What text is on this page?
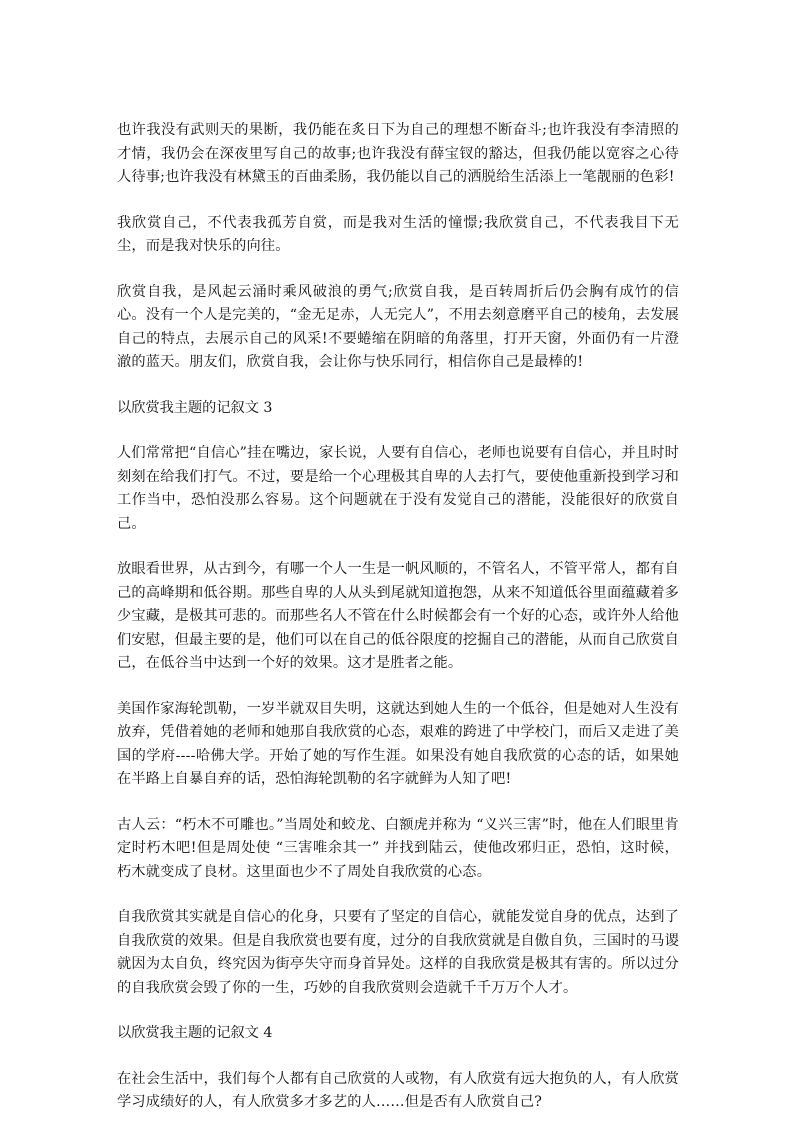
也许我没有武则天的果断，我仍能在炙日下为自己的理想不断奋斗;也许我没有李清照的才情，我仍会在深夜里写自己的故事;也许我没有薛宝钗的豁达，但我仍能以宽容之心待人待事;也许我没有林黛玉的百曲柔肠，我仍能以自己的洒脱给生活添上一笔靓丽的色彩!

我欣赏自己，不代表我孤芳自赏，而是我对生活的憧憬;我欣赏自己，不代表我目下无尘，而是我对快乐的向往。

欣赏自我，是风起云涌时乘风破浪的勇气;欣赏自我，是百转周折后仍会胸有成竹的信心。没有一个人是完美的，“金无足赤，人无完人”，不用去刻意磨平自己的棱角，去发展自己的特点，去展示自己的风采!不要蜷缩在阴暗的角落里，打开天窗，外面仍有一片澄澈的蓝天。朋友们，欣赏自我，会让你与快乐同行，相信你自己是最棒的!

以欣赏我主题的记叙文 3

人们常常把“自信心”挂在嘴边，家长说，人要有自信心，老师也说要有自信心，并且时时刻刻在给我们打气。不过，要是给一个心理极其自卑的人去打气，要使他重新投到学习和工作当中，恐怕没那么容易。这个问题就在于没有发觉自己的潜能，没能很好的欣赏自己。

放眼看世界，从古到今，有哪一个人一生是一帆风顺的，不管名人，不管平常人，都有自己的高峰期和低谷期。那些自卑的人从头到尾就知道抱怨，从来不知道低谷里面蕴藏着多少宝藏，是极其可悲的。而那些名人不管在什么时候都会有一个好的心态，或许外人给他们安慰，但最主要的是，他们可以在自己的低谷限度的挖掘自己的潜能，从而自己欣赏自己，在低谷当中达到一个好的效果。这才是胜者之能。

美国作家海轮凯勒，一岁半就双目失明，这就达到她人生的一个低谷，但是她对人生没有放弃，凭借着她的老师和她那自我欣赏的心态，艰难的跨进了中学校门，而后又走进了美国的学府----哈佛大学。开始了她的写作生涯。如果没有她自我欣赏的心态的话，如果她在半路上自暴自弃的话，恐怕海轮凯勒的名字就鲜为人知了吧!

古人云：“朽木不可雕也。”当周处和蛟龙、白额虎并称为 “义兴三害”时，他在人们眼里肯定时朽木吧!但是周处使 “三害唯余其一” 并找到陆云，使他改邪归正，恐怕，这时候，朽木就变成了良材。这里面也少不了周处自我欣赏的心态。

自我欣赏其实就是自信心的化身，只要有了坚定的自信心，就能发觉自身的优点，达到了自我欣赏的效果。但是自我欣赏也要有度，过分的自我欣赏就是自傲自负，三国时的马谡就因为太自负，终究因为街亭失守而身首异处。这样的自我欣赏是极其有害的。所以过分的自我欣赏会毁了你的一生，巧妙的自我欣赏则会造就千千万万个人才。

以欣赏我主题的记叙文 4

在社会生活中，我们每个人都有自己欣赏的人或物，有人欣赏有远大抱负的人，有人欣赏学习成绩好的人，有人欣赏多才多艺的人……但是否有人欣赏自己?
